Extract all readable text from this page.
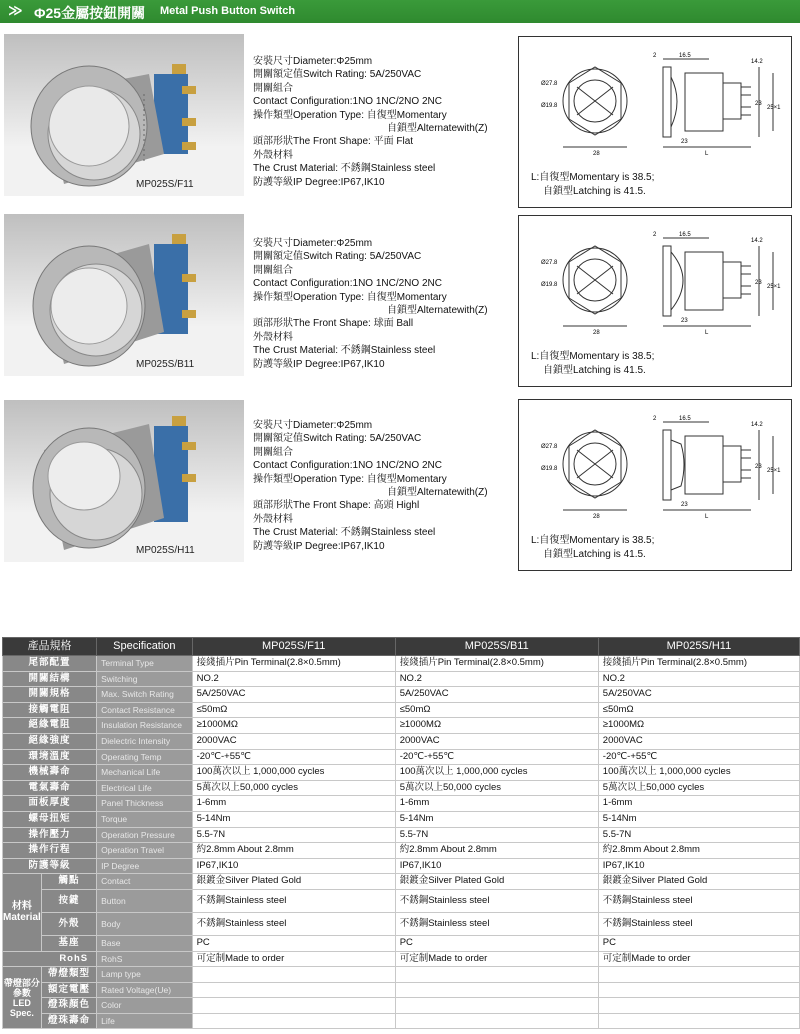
≫ Φ25金屬按鈕開關 Metal Push Button Switch
MP025S/F11
安裝尺寸Diameter:Φ25mm
開關額定值Switch Rating: 5A/250VAC
開關組合
Contact Configuration:1NO 1NC/2NO 2NC
操作類型Operation Type: 自復型Momentary
自鎖型Alternatewith(Z)
頭部形狀The Front Shape: 平面 Flat
外殼材料
The Crust Material: 不銹鋼Stainless steel
防護等級IP Degree:IP67,IK10
Ø27.8
Ø19.8
28
2	16.5
14.2
23
25×1
23
L
L:自復型Momentary is 38.5;
自鎖型Latching is 41.5.
MP025S/B11
安裝尺寸Diameter:Φ25mm
開關額定值Switch Rating: 5A/250VAC
開關組合
Contact Configuration:1NO 1NC/2NO 2NC
操作類型Operation Type: 自復型Momentary
自鎖型Alternatewith(Z)
頭部形狀The Front Shape: 球面 Ball
外殼材料
The Crust Material: 不銹鋼Stainless steel
防護等級IP Degree:IP67,IK10
Ø27.8
Ø19.8
28
2	16.5
14.2
23
25×1
23
L
L:自復型Momentary is 38.5;
自鎖型Latching is 41.5.
MP025S/H11
安裝尺寸Diameter:Φ25mm
開關額定值Switch Rating: 5A/250VAC
開關組合
Contact Configuration:1NO 1NC/2NO 2NC
操作類型Operation Type: 自復型Momentary
自鎖型Alternatewith(Z)
頭部形狀The Front Shape: 高頭 Highl
外殼材料
The Crust Material: 不銹鋼Stainless steel
防護等級IP Degree:IP67,IK10
Ø27.8
Ø19.8
28
2	16.5
14.2
23
25×1
23
L
L:自復型Momentary is 38.5;
自鎖型Latching is 41.5.
產品規格		Specification	MP025S/F11	MP025S/B11	MP025S/H11
尾部配置		Terminal Type	接綫插片Pin Terminal(2.8×0.5mm)	接綫插片Pin Terminal(2.8×0.5mm)	接綫插片Pin Terminal(2.8×0.5mm)
開關結構		Switching	NO.2	NO.2	NO.2
開關規格		Max. Switch Rating	5A/250VAC	5A/250VAC	5A/250VAC
接觸電阻		Contact Resistance	≤50mΩ	≤50mΩ	≤50mΩ
絕緣電阻		Insulation Resistance	≥1000MΩ	≥1000MΩ	≥1000MΩ
絕緣強度		Dielectric Intensity	2000VAC	2000VAC	2000VAC
環境溫度		Operating Temp	-20℃-+55℃	-20℃-+55℃	-20℃-+55℃
機械壽命		Mechanical Life	100萬次以上 1,000,000 cycles	100萬次以上 1,000,000 cycles	100萬次以上 1,000,000 cycles
電氣壽命		Electrical Life	5萬次以上50,000 cycles	5萬次以上50,000 cycles	5萬次以上50,000 cycles
面板厚度		Panel Thickness	1-6mm	1-6mm	1-6mm
螺母扭矩		Torque	5-14Nm	5-14Nm	5-14Nm
操作壓力		Operation Pressure	5.5-7N	5.5-7N	5.5-7N
操作行程		Operation Travel	約2.8mm About 2.8mm	約2.8mm About 2.8mm	約2.8mm About 2.8mm
防護等級		IP Degree	IP67,IK10	IP67,IK10	IP67,IK10
材料 Material	觸點	Contact	銀鍍金Silver Plated Gold	銀鍍金Silver Plated Gold	銀鍍金Silver Plated Gold
	按鍵	Button	不銹鋼Stainless steel	不銹鋼Stainless steel	不銹鋼Stainless steel
	外殼	Body	不銹鋼Stainless steel	不銹鋼Stainless steel	不銹鋼Stainless steel
	基座	Base	PC	PC	PC
RohS		RohS	可定制Made to order	可定制Made to order	可定制Made to order
帶燈部分參數 LED Spec.	帶燈類型	Lamp type			
	額定電壓	Rated Voltage(Ue)			
	燈珠顏色	Color			
	燈珠壽命	Life			
